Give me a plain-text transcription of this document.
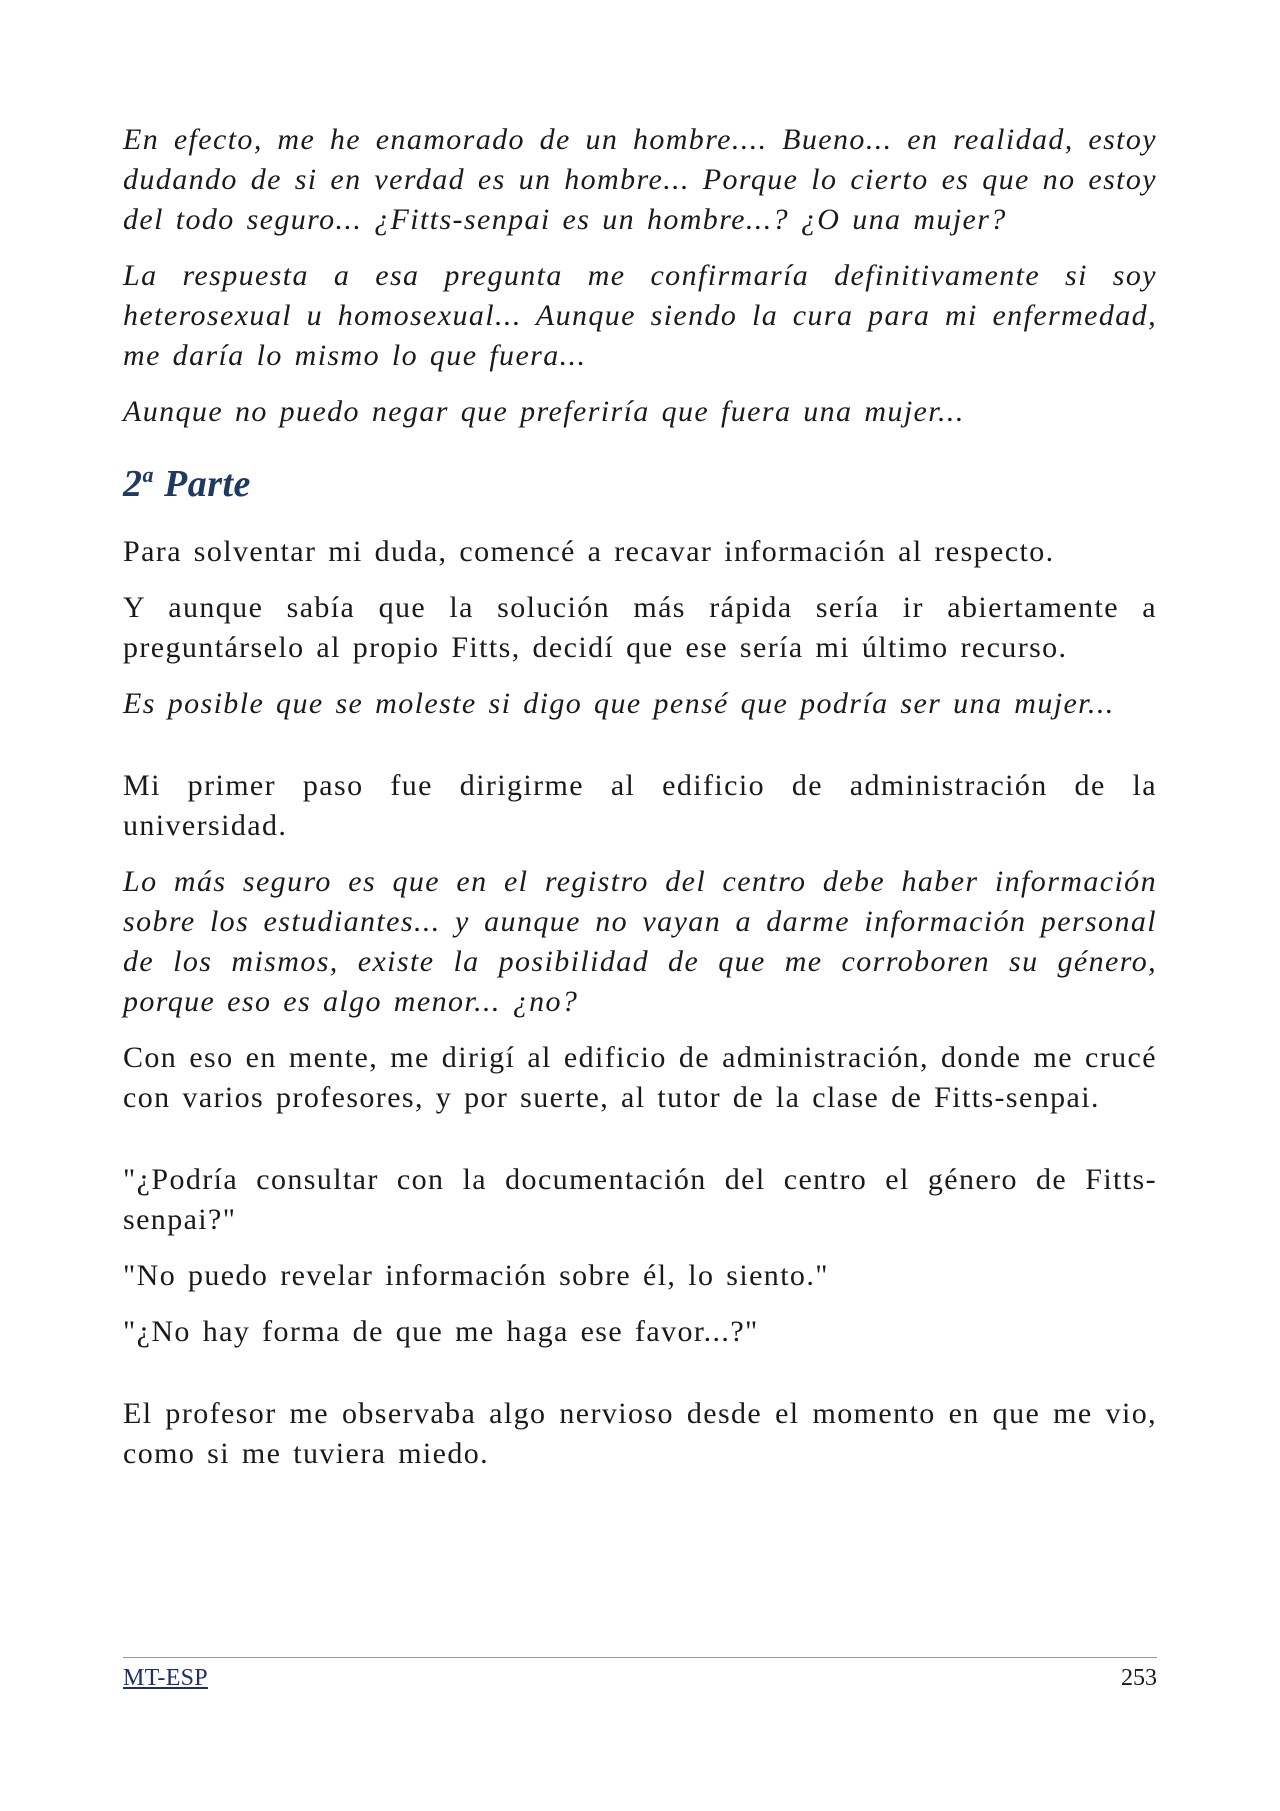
En efecto, me he enamorado de un hombre.... Bueno... en realidad, estoy dudando de si en verdad es un hombre... Porque lo cierto es que no estoy del todo seguro... ¿Fitts-senpai es un hombre...? ¿O una mujer?

La respuesta a esa pregunta me confirmaría definitivamente si soy heterosexual u homosexual... Aunque siendo la cura para mi enfermedad, me daría lo mismo lo que fuera...

Aunque no puedo negar que preferiría que fuera una mujer...

2$^a$ Parte

Para solventar mi duda, comencé a recavar información al respecto.

Y aunque sabía que la solución más rápida sería ir abiertamente a preguntárselo al propio Fitts, decidí que ese sería mi último recurso.

Es posible que se moleste si digo que pensé que podría ser una mujer...

Mi primer paso fue dirigirme al edificio de administración de la universidad.

Lo más seguro es que en el registro del centro debe haber información sobre los estudiantes... y aunque no vayan a darme información personal de los mismos, existe la posibilidad de que me corroboren su género, porque eso es algo menor... ¿no?

Con eso en mente, me dirigí al edificio de administración, donde me crucé con varios profesores, y por suerte, al tutor de la clase de Fitts-senpai.

"¿Podría consultar con la documentación del centro el género de Fitts-senpai?"

"No puedo revelar información sobre él, lo siento."

"¿No hay forma de que me haga ese favor...?"

El profesor me observaba algo nervioso desde el momento en que me vio, como si me tuviera miedo.

MT-ESP	253
